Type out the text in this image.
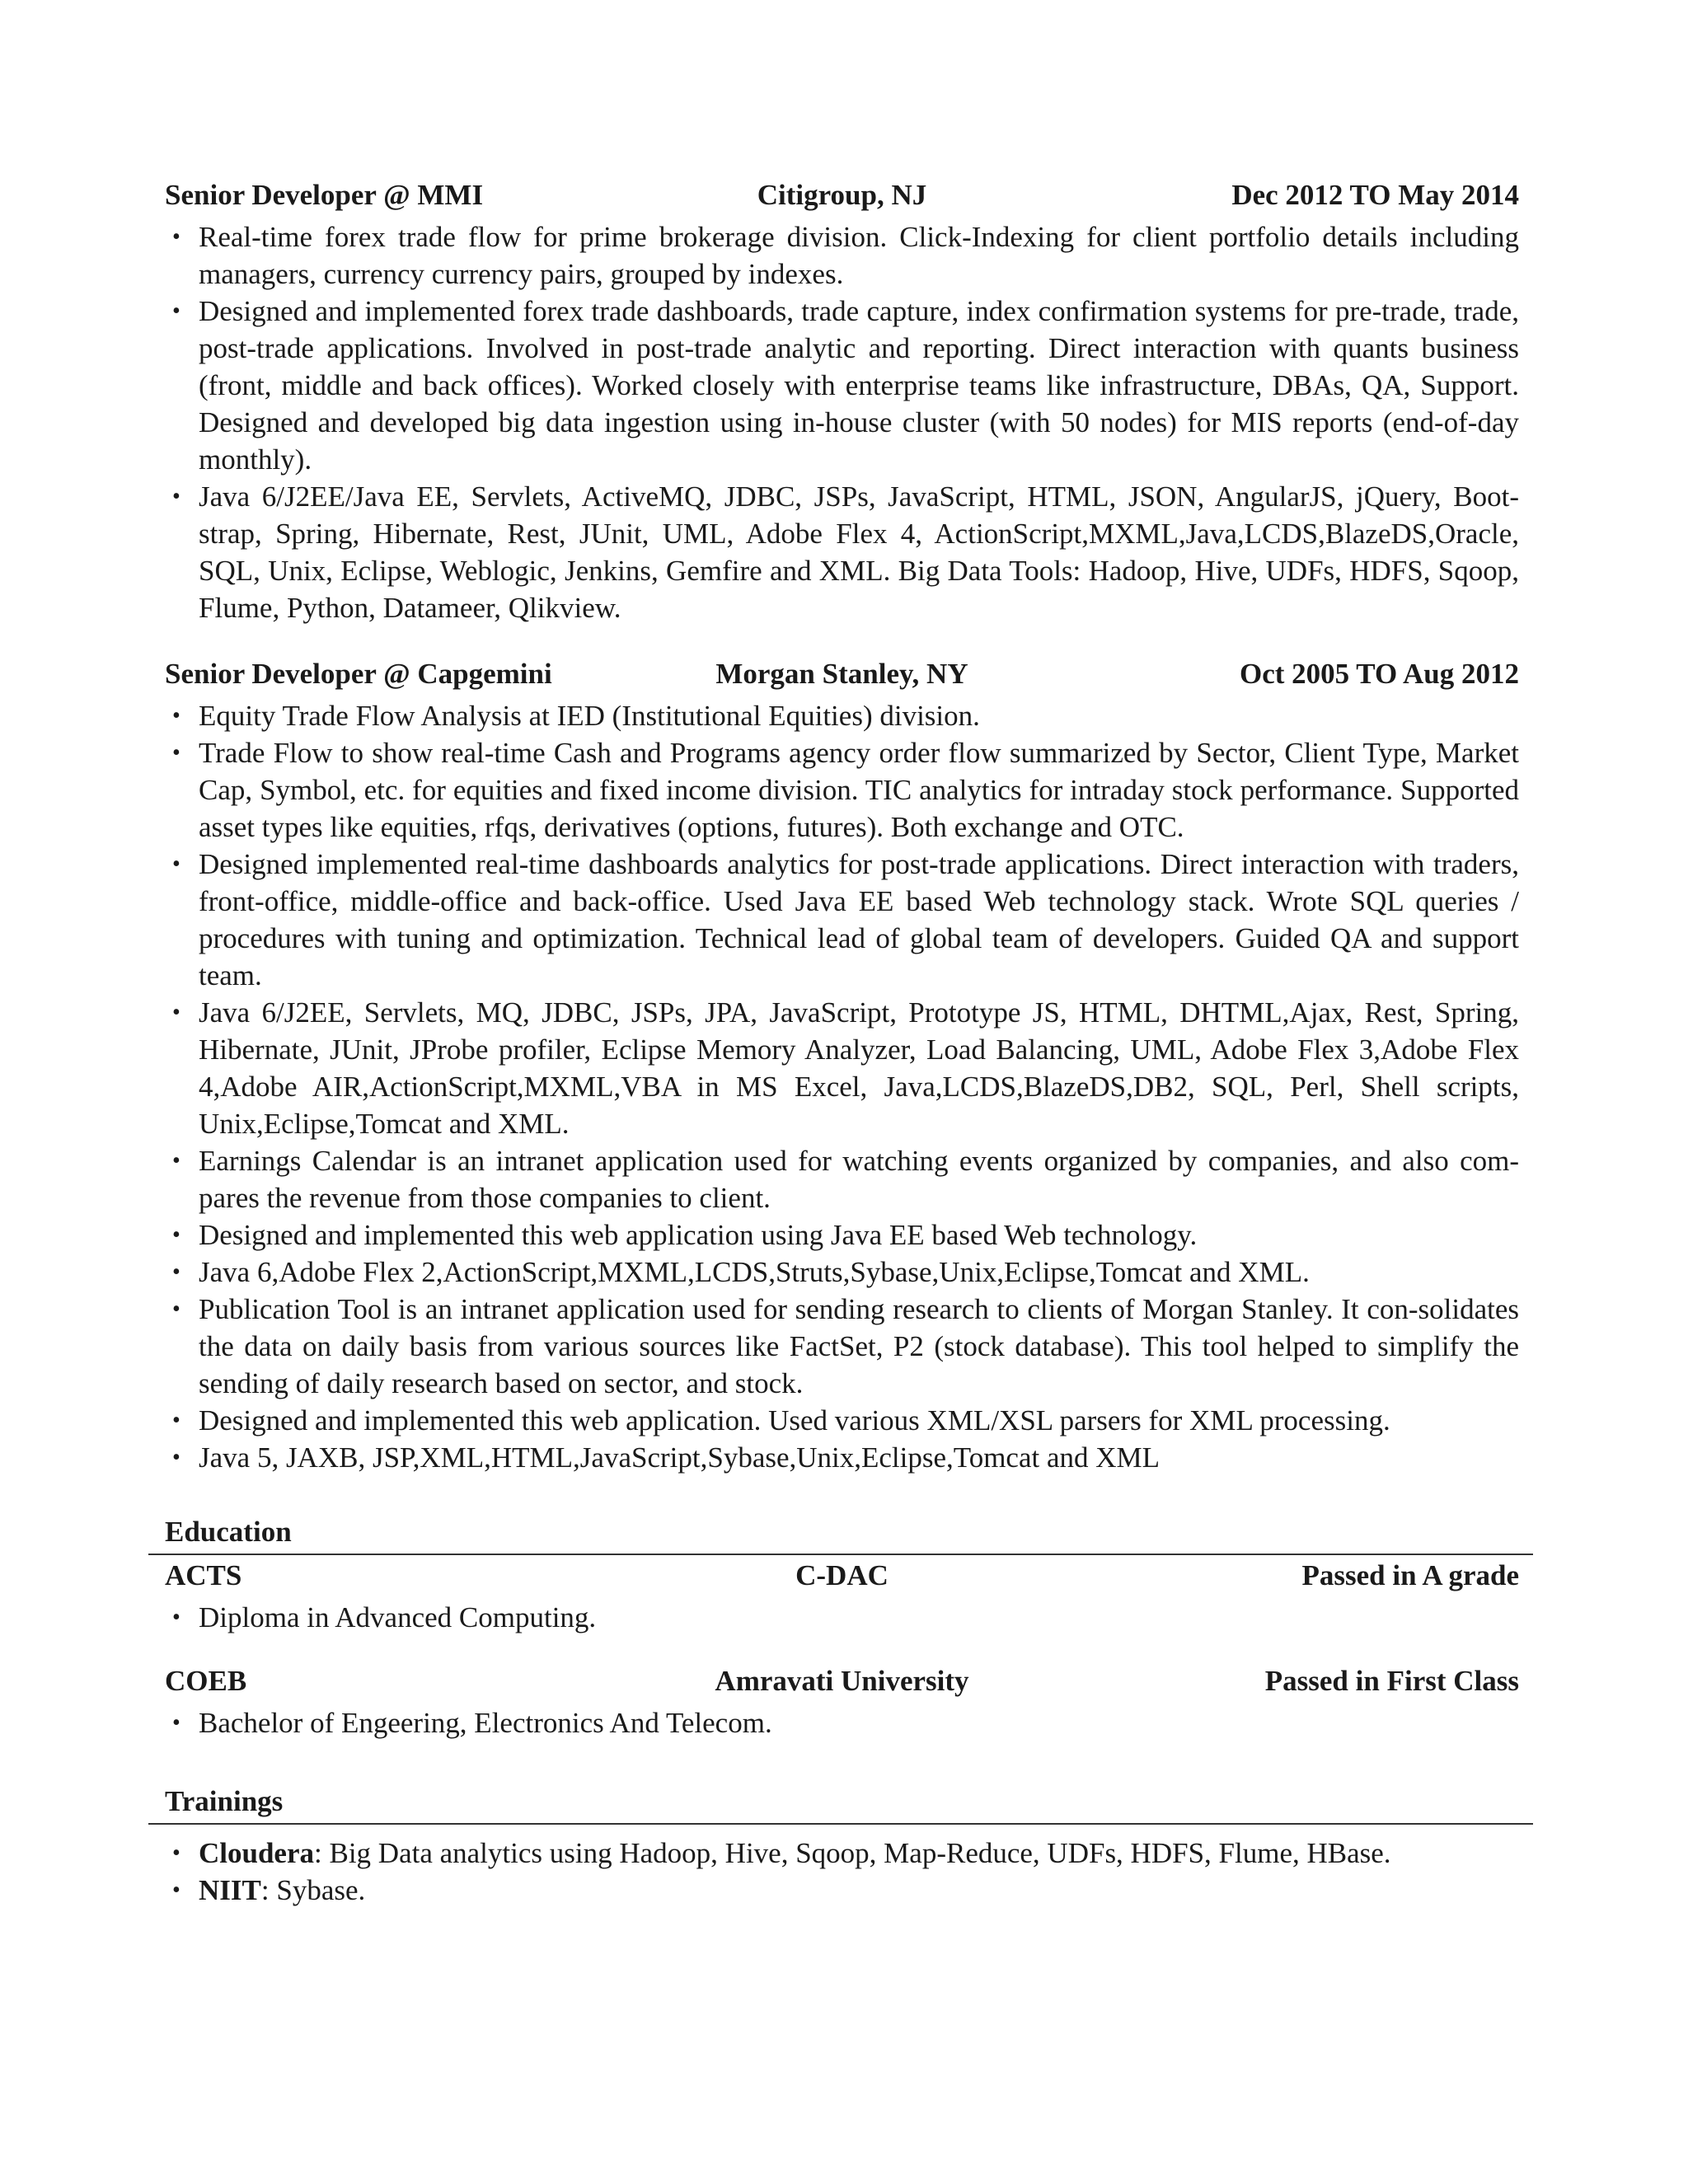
Senior Developer @ MMI	Citigroup, NJ	Dec 2012 TO May 2014
• Real-time forex trade flow for prime brokerage division. Click-Indexing for client portfolio details including managers, currency currency pairs, grouped by indexes.
• Designed and implemented forex trade dashboards, trade capture, index confirmation systems for pre-trade, trade, post-trade applications. Involved in post-trade analytic and reporting. Direct interaction with quants business (front, middle and back offices). Worked closely with enterprise teams like infrastructure, DBAs, QA, Support. Designed and developed big data ingestion using in-house cluster (with 50 nodes) for MIS reports (end-of-day monthly).
• Java 6/J2EE/Java EE, Servlets, ActiveMQ, JDBC, JSPs, JavaScript, HTML, JSON, AngularJS, jQuery, Boot-strap, Spring, Hibernate, Rest, JUnit, UML, Adobe Flex 4, ActionScript,MXML,Java,LCDS,BlazeDS,Oracle, SQL, Unix, Eclipse, Weblogic, Jenkins, Gemfire and XML. Big Data Tools: Hadoop, Hive, UDFs, HDFS, Sqoop, Flume, Python, Datameer, Qlikview.
Senior Developer @ Capgemini	Morgan Stanley, NY	Oct 2005 TO Aug 2012
• Equity Trade Flow Analysis at IED (Institutional Equities) division.
• Trade Flow to show real-time Cash and Programs agency order flow summarized by Sector, Client Type, Market Cap, Symbol, etc. for equities and fixed income division. TIC analytics for intraday stock performance. Supported asset types like equities, rfqs, derivatives (options, futures). Both exchange and OTC.
• Designed implemented real-time dashboards analytics for post-trade applications. Direct interaction with traders, front-office, middle-office and back-office. Used Java EE based Web technology stack. Wrote SQL queries / procedures with tuning and optimization. Technical lead of global team of developers. Guided QA and support team.
• Java 6/J2EE, Servlets, MQ, JDBC, JSPs, JPA, JavaScript, Prototype JS, HTML, DHTML,Ajax, Rest, Spring, Hibernate, JUnit, JProbe profiler, Eclipse Memory Analyzer, Load Balancing, UML, Adobe Flex 3,Adobe Flex 4,Adobe AIR,ActionScript,MXML,VBA in MS Excel, Java,LCDS,BlazeDS,DB2, SQL, Perl, Shell scripts, Unix,Eclipse,Tomcat and XML.
• Earnings Calendar is an intranet application used for watching events organized by companies, and also com-pares the revenue from those companies to client.
• Designed and implemented this web application using Java EE based Web technology.
• Java 6,Adobe Flex 2,ActionScript,MXML,LCDS,Struts,Sybase,Unix,Eclipse,Tomcat and XML.
• Publication Tool is an intranet application used for sending research to clients of Morgan Stanley. It con-solidates the data on daily basis from various sources like FactSet, P2 (stock database). This tool helped to simplify the sending of daily research based on sector, and stock.
• Designed and implemented this web application. Used various XML/XSL parsers for XML processing.
• Java 5, JAXB, JSP,XML,HTML,JavaScript,Sybase,Unix,Eclipse,Tomcat and XML
Education
ACTS	C-DAC	Passed in A grade
• Diploma in Advanced Computing.
COEB	Amravati University	Passed in First Class
• Bachelor of Engeering, Electronics And Telecom.
Trainings
• Cloudera: Big Data analytics using Hadoop, Hive, Sqoop, Map-Reduce, UDFs, HDFS, Flume, HBase.
• NIIT: Sybase.
